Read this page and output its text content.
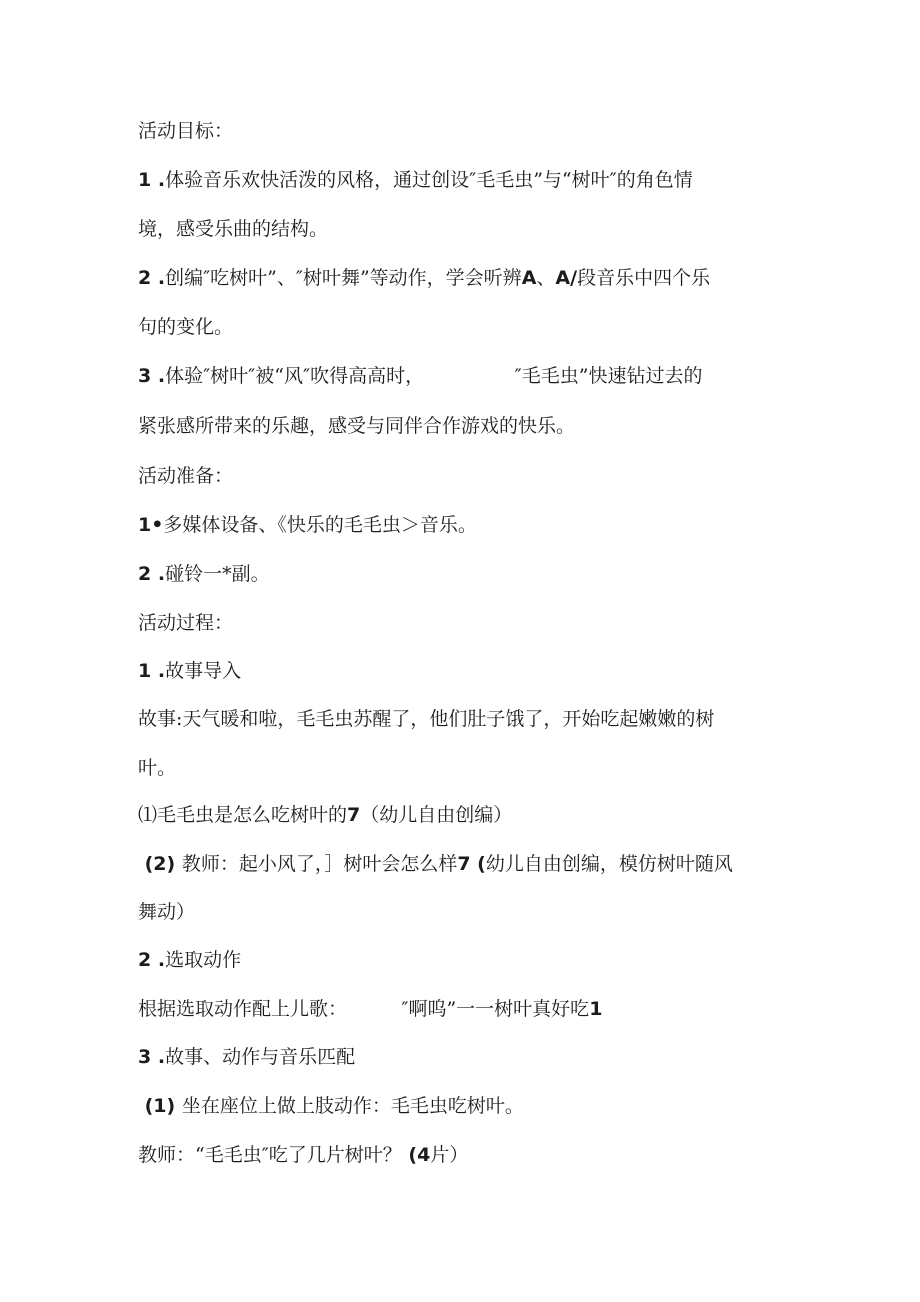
活动目标：
1 .体验音乐欢快活泼的风格，通过创设″毛毛虫”与“树叶″的角色情
境，感受乐曲的结构。
2 .创编″吃树叶”、″树叶舞”等动作，学会听辨A、A/段音乐中四个乐
句的变化。
3 .体验″树叶″被“风″吹得高高时，	″毛毛虫”快速钻过去的
紧张感所带来的乐趣，感受与同伴合作游戏的快乐。
活动准备：
1•多媒体设备、《快乐的毛毛虫＞音乐。
2 .碰铃一*副。
活动过程：
1 .故事导入
故事:天气暖和啦，毛毛虫苏醒了，他们肚子饿了，开始吃起嫩嫩的树
叶。
⑴毛毛虫是怎么吃树叶的7（幼儿自由创编）
(2) 教师：起小风了，］树叶会怎么样7 (幼儿自由创编，模仿树叶随风
舞动）
2 .选取动作
根据选取动作配上儿歌：	″啊呜”一一树叶真好吃1
3 .故事、动作与音乐匹配
(1) 坐在座位上做上肢动作：毛毛虫吃树叶。
教师：“毛毛虫″吃了几片树叶？ (4片）
